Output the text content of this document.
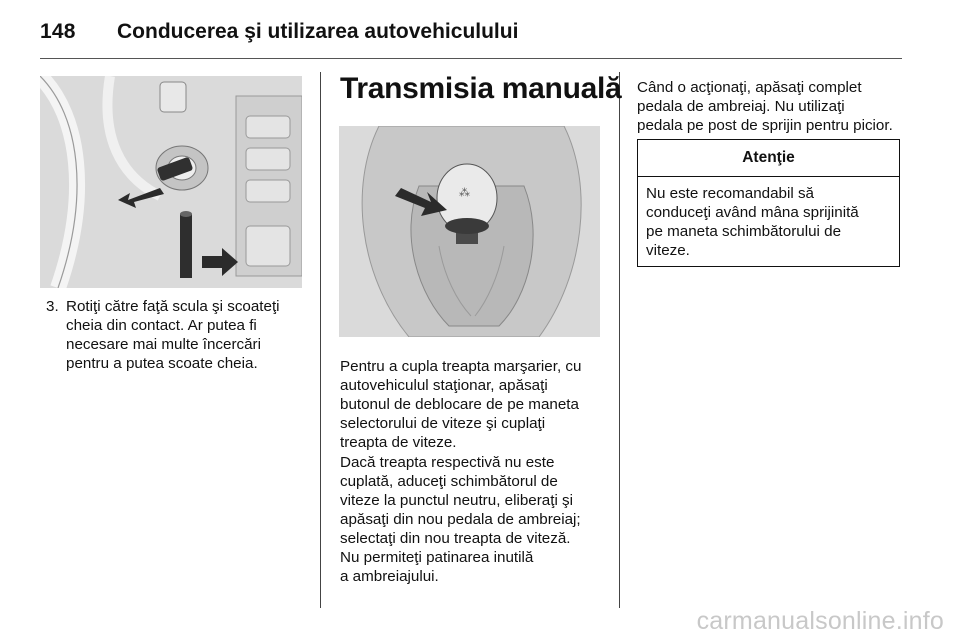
148 Conducerea şi utilizarea autovehiculului
3. Rotiţi către faţă scula şi scoateţi
cheia din contact. Ar putea fi
necesare mai multe încercări
pentru a putea scoate cheia.
Transmisia manuală
⁂
Pentru a cupla treapta marşarier, cu
autovehiculul staţionar, apăsaţi
butonul de deblocare de pe maneta
selectorului de viteze şi cuplaţi
treapta de viteze.
Dacă treapta respectivă nu este
cuplată, aduceţi schimbătorul de
viteze la punctul neutru, eliberaţi şi
apăsaţi din nou pedala de ambreiaj;
selectaţi din nou treapta de viteză.
Nu permiteţi patinarea inutilă
a ambreiajului.
Când o acţionaţi, apăsaţi complet
pedala de ambreiaj. Nu utilizaţi
pedala pe post de sprijin pentru picior.
Atenţie
Nu este recomandabil să
conduceţi având mâna sprijinită
pe maneta schimbătorului de
viteze.
carmanualsonline.info
